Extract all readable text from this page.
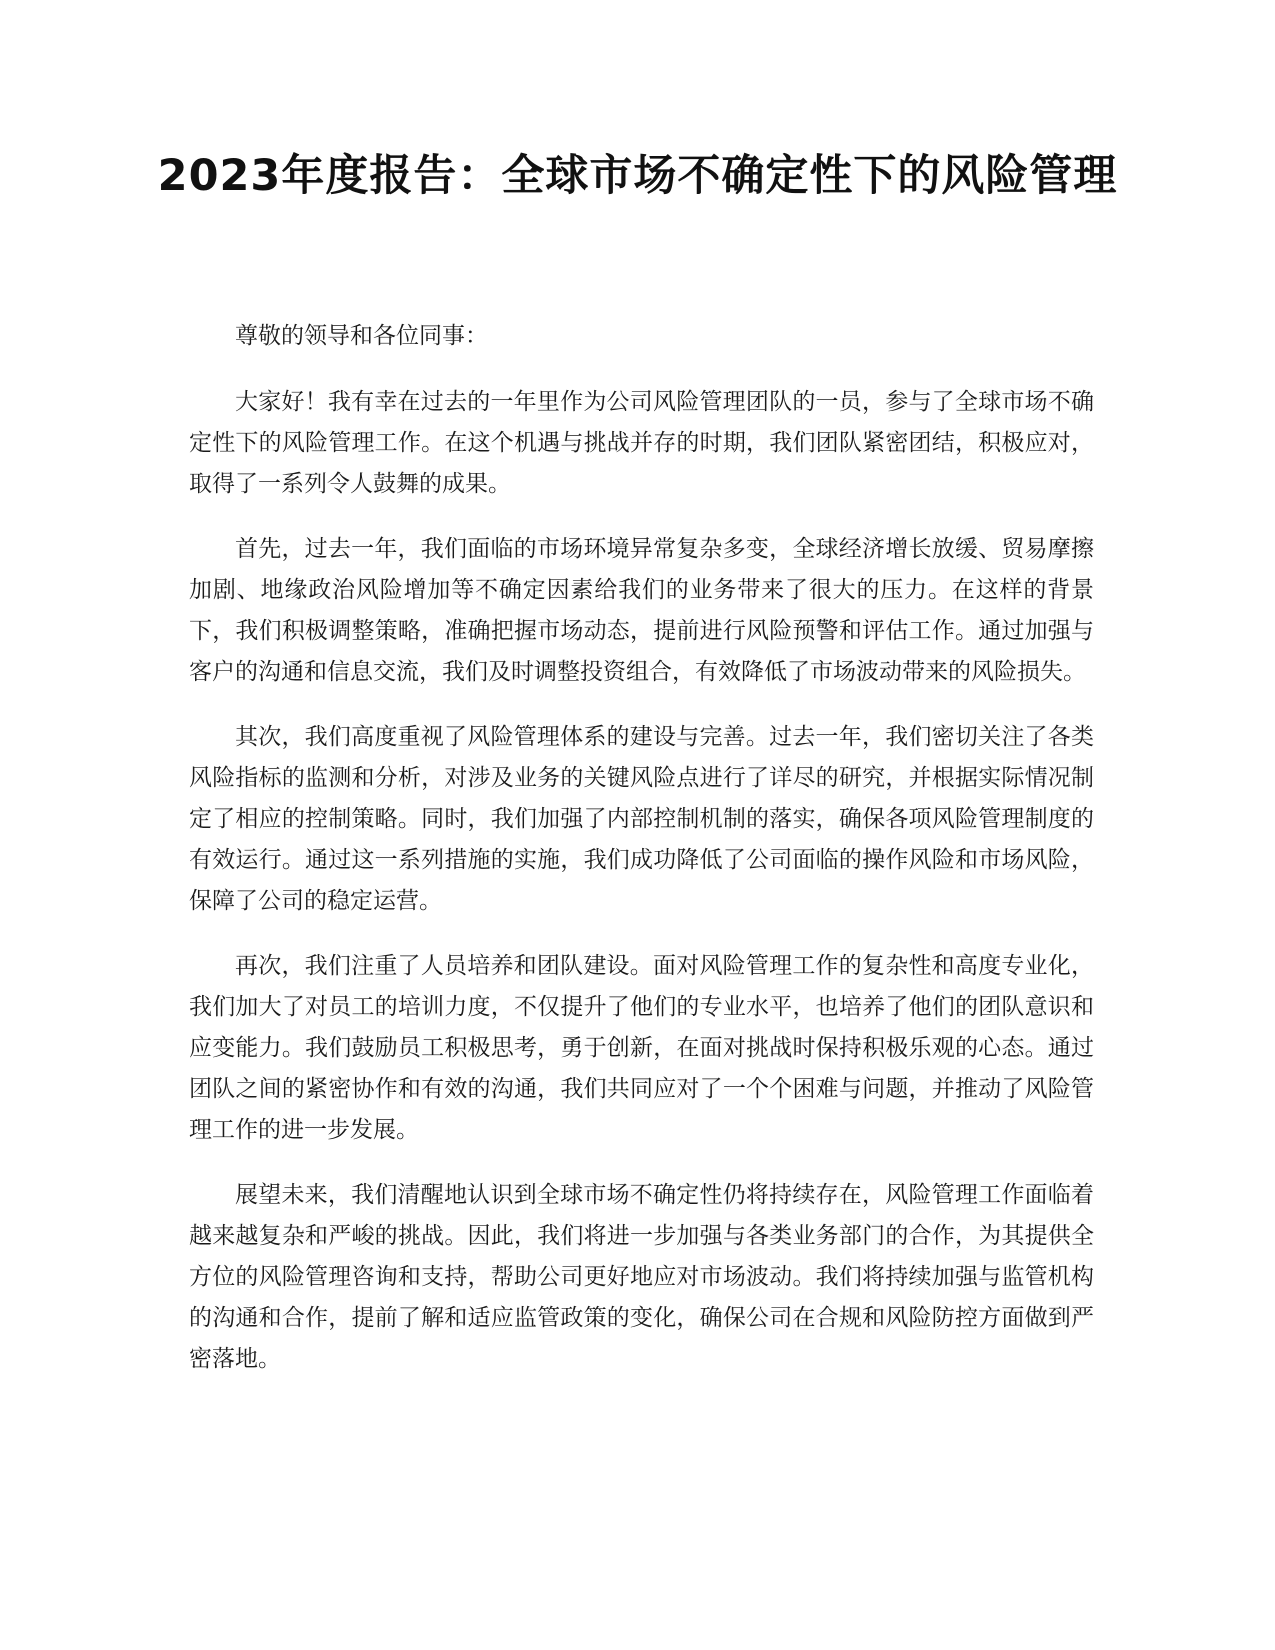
2023年度报告：全球市场不确定性下的风险管理

尊敬的领导和各位同事：

大家好！我有幸在过去的一年里作为公司风险管理团队的一员，参与了全球市场不确定性下的风险管理工作。在这个机遇与挑战并存的时期，我们团队紧密团结，积极应对，取得了一系列令人鼓舞的成果。

首先，过去一年，我们面临的市场环境异常复杂多变，全球经济增长放缓、贸易摩擦加剧、地缘政治风险增加等不确定因素给我们的业务带来了很大的压力。在这样的背景下，我们积极调整策略，准确把握市场动态，提前进行风险预警和评估工作。通过加强与客户的沟通和信息交流，我们及时调整投资组合，有效降低了市场波动带来的风险损失。

其次，我们高度重视了风险管理体系的建设与完善。过去一年，我们密切关注了各类风险指标的监测和分析，对涉及业务的关键风险点进行了详尽的研究，并根据实际情况制定了相应的控制策略。同时，我们加强了内部控制机制的落实，确保各项风险管理制度的有效运行。通过这一系列措施的实施，我们成功降低了公司面临的操作风险和市场风险，保障了公司的稳定运营。

再次，我们注重了人员培养和团队建设。面对风险管理工作的复杂性和高度专业化，我们加大了对员工的培训力度，不仅提升了他们的专业水平，也培养了他们的团队意识和应变能力。我们鼓励员工积极思考，勇于创新，在面对挑战时保持积极乐观的心态。通过团队之间的紧密协作和有效的沟通，我们共同应对了一个个困难与问题，并推动了风险管理工作的进一步发展。

展望未来，我们清醒地认识到全球市场不确定性仍将持续存在，风险管理工作面临着越来越复杂和严峻的挑战。因此，我们将进一步加强与各类业务部门的合作，为其提供全方位的风险管理咨询和支持，帮助公司更好地应对市场波动。我们将持续加强与监管机构的沟通和合作，提前了解和适应监管政策的变化，确保公司在合规和风险防控方面做到严密落地。
